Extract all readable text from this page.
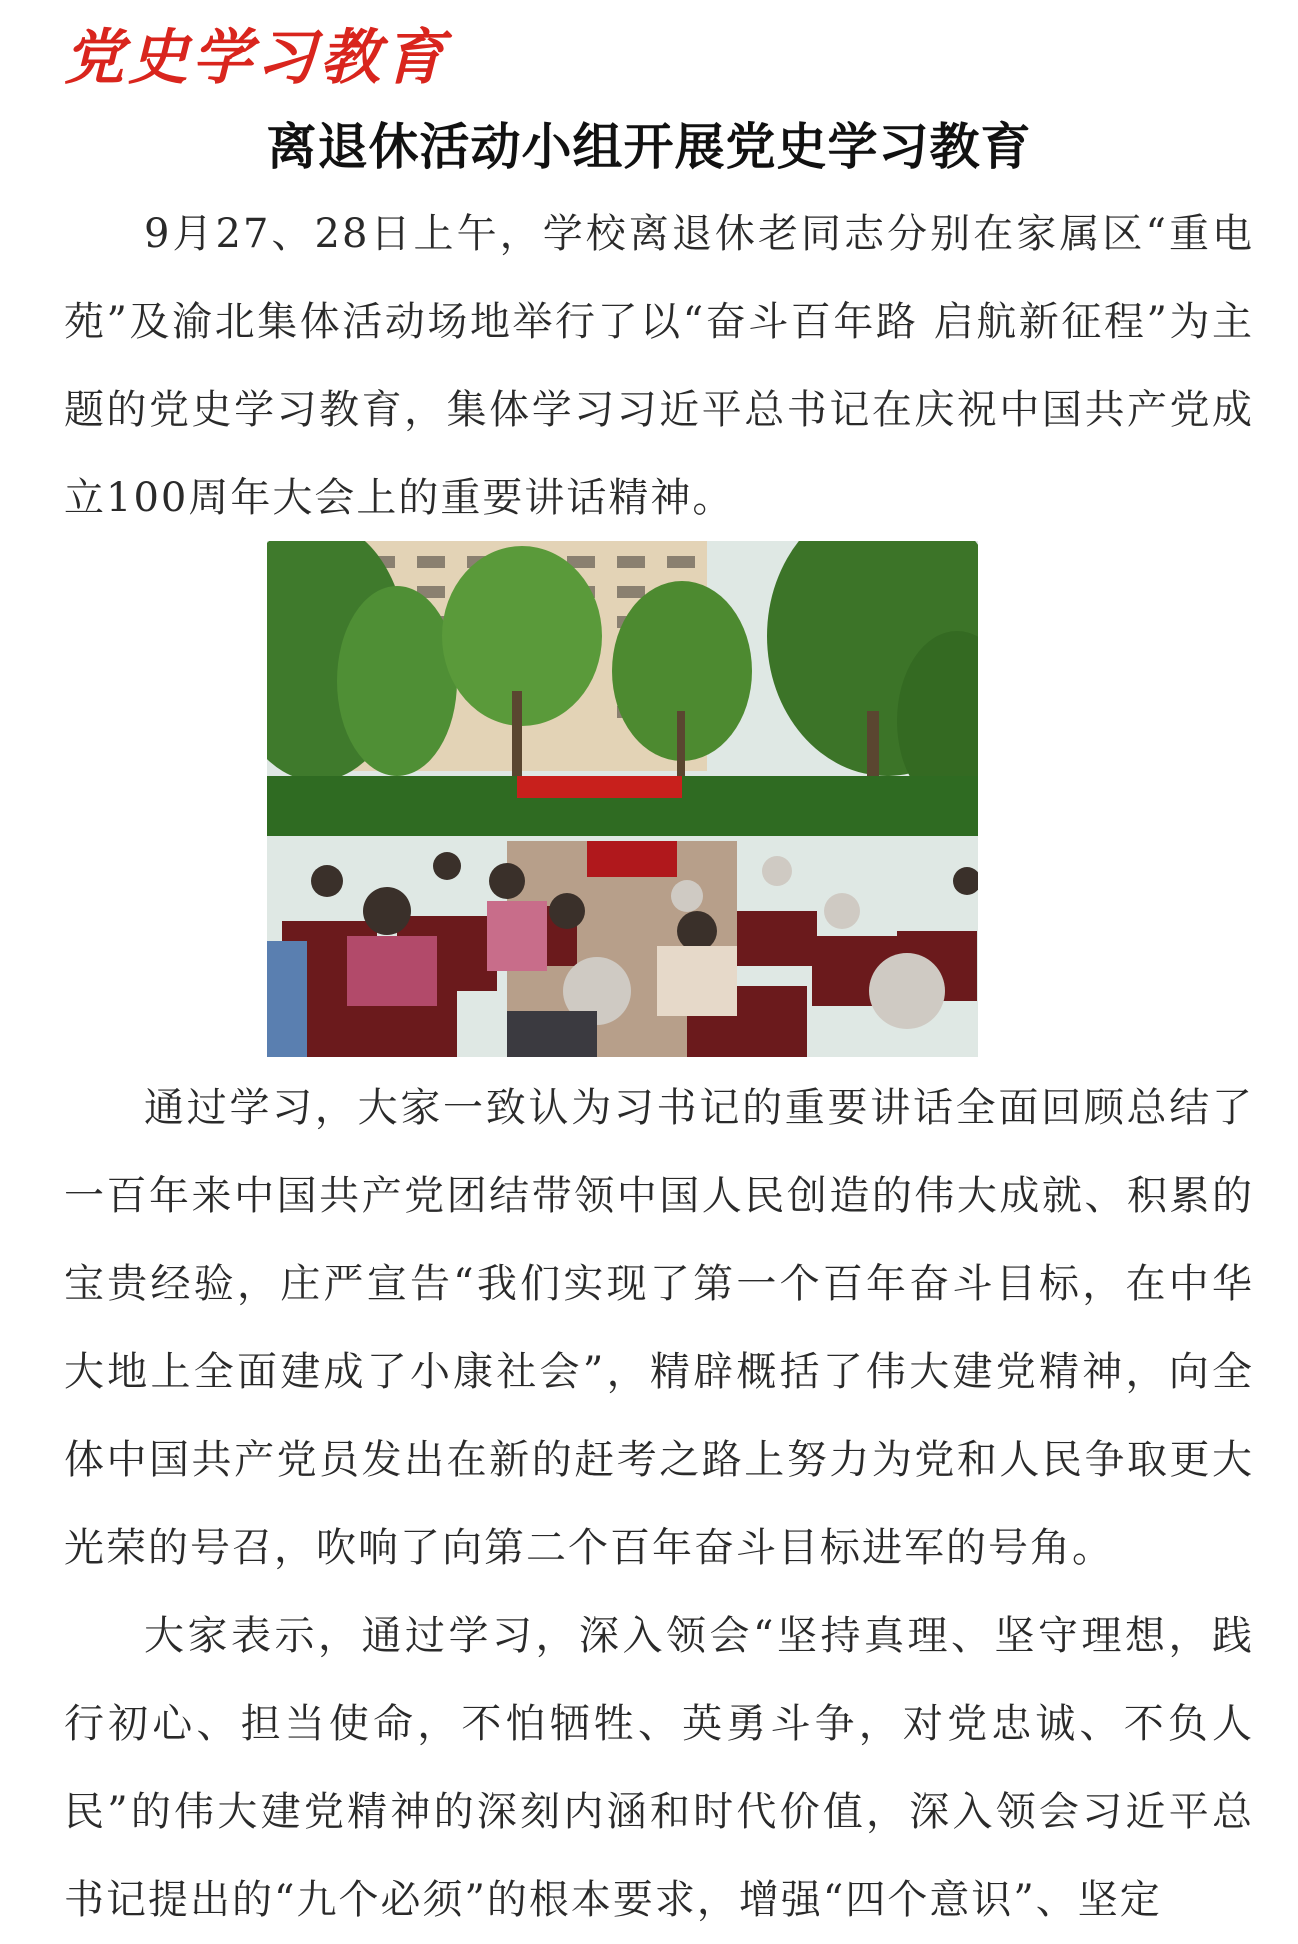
党史学习教育
离退休活动小组开展党史学习教育

9月27、28日上午，学校离退休老同志分别在家属区“重电苑”及渝北集体活动场地举行了以“奋斗百年路 启航新征程”为主题的党史学习教育，集体学习习近平总书记在庆祝中国共产党成立100周年大会上的重要讲话精神。

通过学习，大家一致认为习书记的重要讲话全面回顾总结了一百年来中国共产党团结带领中国人民创造的伟大成就、积累的宝贵经验，庄严宣告“我们实现了第一个百年奋斗目标，在中华大地上全面建成了小康社会”，精辟概括了伟大建党精神，向全体中国共产党员发出在新的赶考之路上努力为党和人民争取更大光荣的号召，吹响了向第二个百年奋斗目标进军的号角。

大家表示，通过学习，深入领会“坚持真理、坚守理想，践行初心、担当使命，不怕牺牲、英勇斗争，对党忠诚、不负人民”的伟大建党精神的深刻内涵和时代价值，深入领会习近平总书记提出的“九个必须”的根本要求，增强“四个意识”、坚定
